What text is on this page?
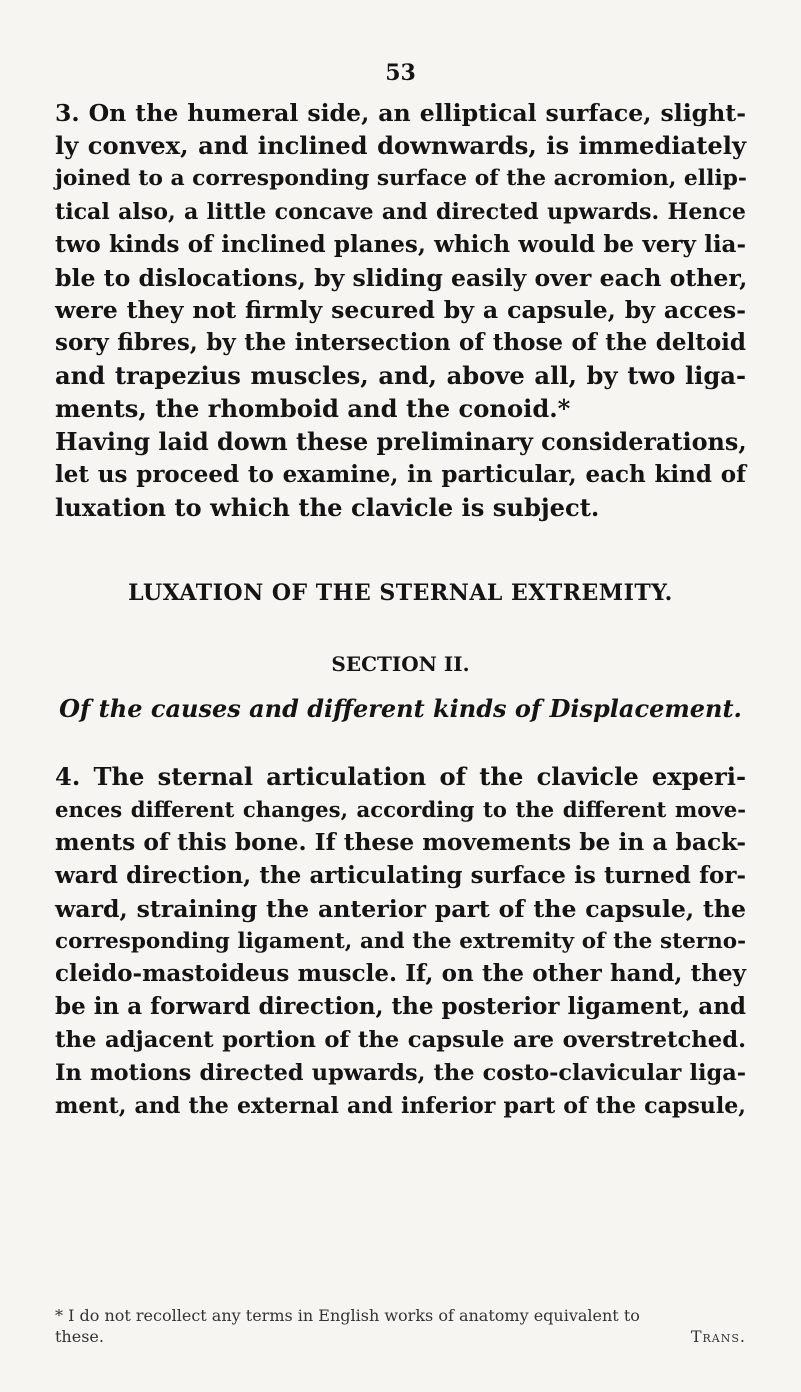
53
3. On the humeral side, an elliptical surface, slight-
ly convex, and inclined downwards, is immediately
joined to a corresponding surface of the acromion, ellip-
tical also, a little concave and directed upwards. Hence
two kinds of inclined planes, which would be very lia-
ble to dislocations, by sliding easily over each other,
were they not firmly secured by a capsule, by acces-
sory fibres, by the intersection of those of the deltoid
and trapezius muscles, and, above all, by two liga-
ments, the rhomboid and the conoid.*
Having laid down these preliminary considerations,
let us proceed to examine, in particular, each kind of
luxation to which the clavicle is subject.
LUXATION OF THE STERNAL EXTREMITY.
SECTION II.
Of the causes and different kinds of Displacement.
4. The sternal articulation of the clavicle experi-
ences different changes, according to the different move-
ments of this bone. If these movements be in a back-
ward direction, the articulating surface is turned for-
ward, straining the anterior part of the capsule, the
corresponding ligament, and the extremity of the sterno-
cleido-mastoideus muscle. If, on the other hand, they
be in a forward direction, the posterior ligament, and
the adjacent portion of the capsule are overstretched.
In motions directed upwards, the costo-clavicular liga-
ment, and the external and inferior part of the capsule,
* I do not recollect any terms in English works of anatomy equivalent to
these.	Trans.
